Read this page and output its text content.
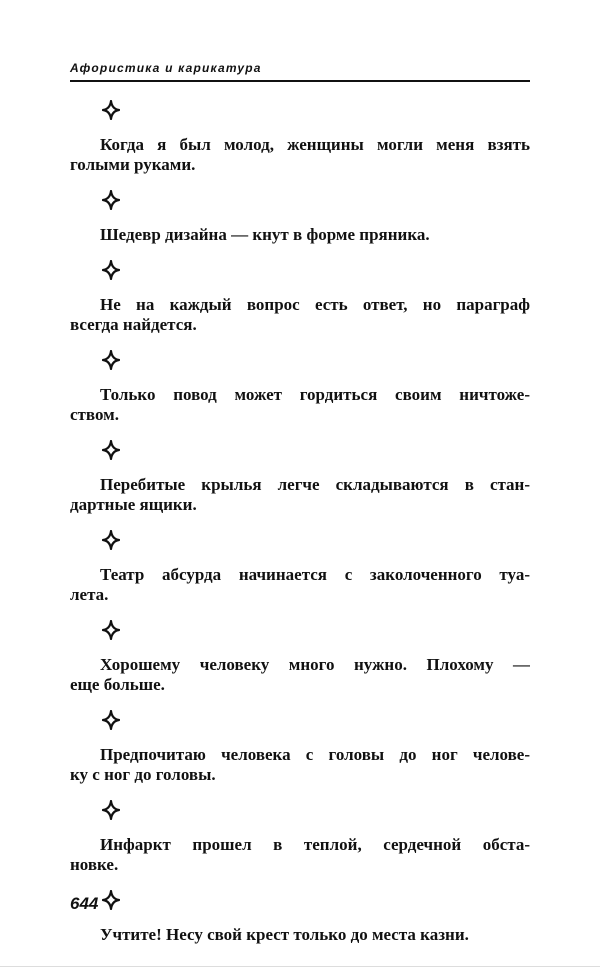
Афористика и карикатура
Когда я был молод, женщины могли меня взять
голыми руками.
Шедевр дизайна — кнут в форме пряника.
Не на каждый вопрос есть ответ, но параграф
всегда найдется.
Только повод может гордиться своим ничтоже-
ством.
Перебитые крылья легче складываются в стан-
дартные ящики.
Театр абсурда начинается с заколоченного туа-
лета.
Хорошему человеку много нужно. Плохому —
еще больше.
Предпочитаю человека с головы до ног челове-
ку с ног до головы.
Инфаркт прошел в теплой, сердечной обста-
новке.
Учтите! Несу свой крест только до места казни.
644
